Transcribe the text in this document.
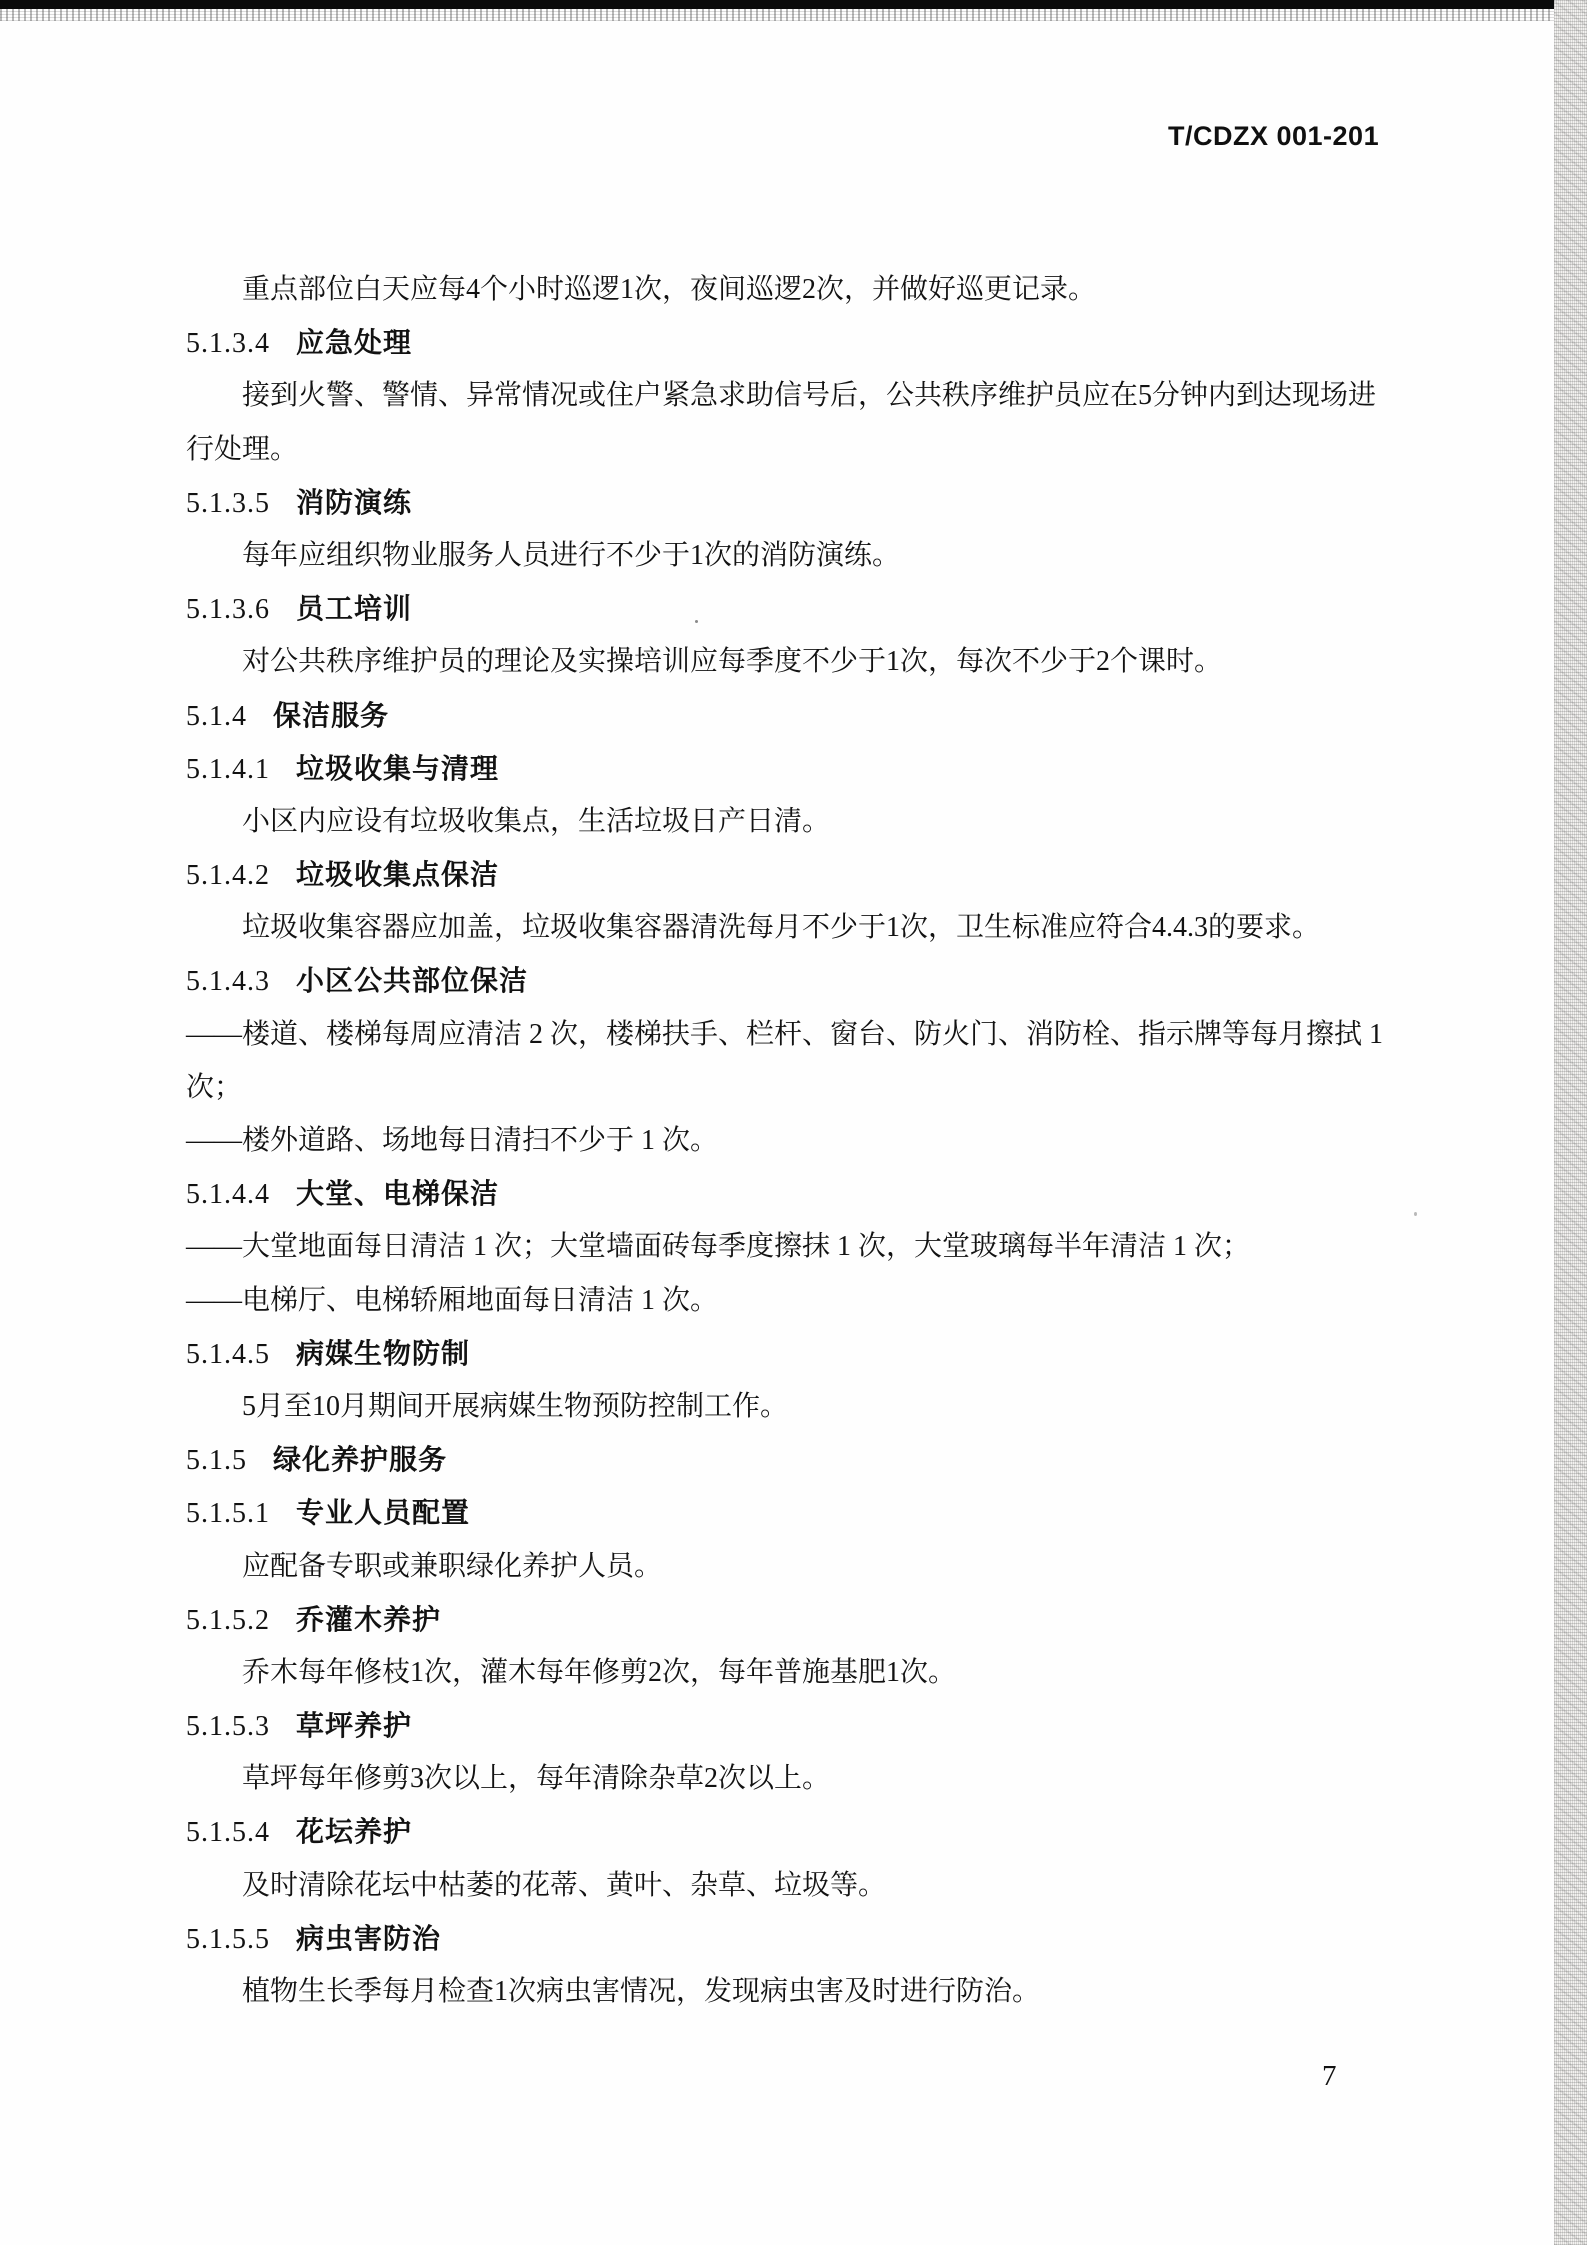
T/CDZX 001-201
重点部位白天应每4个小时巡逻1次，夜间巡逻2次，并做好巡更记录。
5.1.3.4 应急处理
接到火警、警情、异常情况或住户紧急求助信号后，公共秩序维护员应在5分钟内到达现场进
行处理。
5.1.3.5 消防演练
每年应组织物业服务人员进行不少于1次的消防演练。
5.1.3.6 员工培训
对公共秩序维护员的理论及实操培训应每季度不少于1次，每次不少于2个课时。
5.1.4 保洁服务
5.1.4.1 垃圾收集与清理
小区内应设有垃圾收集点，生活垃圾日产日清。
5.1.4.2 垃圾收集点保洁
垃圾收集容器应加盖，垃圾收集容器清洗每月不少于1次，卫生标准应符合4.4.3的要求。
5.1.4.3 小区公共部位保洁
——楼道、楼梯每周应清洁 2 次，楼梯扶手、栏杆、窗台、防火门、消防栓、指示牌等每月擦拭 1
次；
——楼外道路、场地每日清扫不少于 1 次。
5.1.4.4 大堂、电梯保洁
——大堂地面每日清洁 1 次；大堂墙面砖每季度擦抹 1 次，大堂玻璃每半年清洁 1 次；
——电梯厅、电梯轿厢地面每日清洁 1 次。
5.1.4.5 病媒生物防制
5月至10月期间开展病媒生物预防控制工作。
5.1.5 绿化养护服务
5.1.5.1 专业人员配置
应配备专职或兼职绿化养护人员。
5.1.5.2 乔灌木养护
乔木每年修枝1次，灌木每年修剪2次，每年普施基肥1次。
5.1.5.3 草坪养护
草坪每年修剪3次以上，每年清除杂草2次以上。
5.1.5.4 花坛养护
及时清除花坛中枯萎的花蒂、黄叶、杂草、垃圾等。
5.1.5.5 病虫害防治
植物生长季每月检查1次病虫害情况，发现病虫害及时进行防治。
7
